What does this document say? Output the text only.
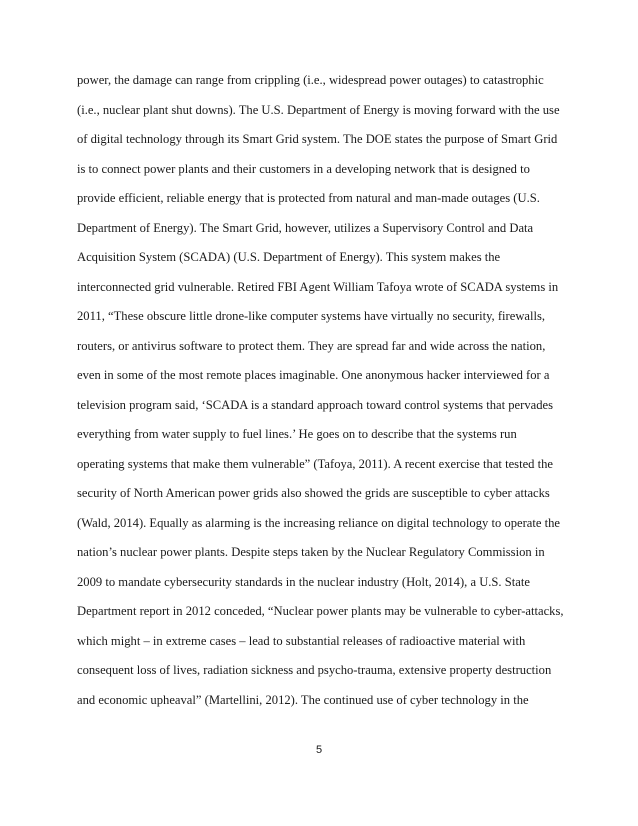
power, the damage can range from crippling (i.e., widespread power outages) to catastrophic
(i.e., nuclear plant shut downs). The U.S. Department of Energy is moving forward with the use
of digital technology through its Smart Grid system. The DOE states the purpose of Smart Grid
is to connect power plants and their customers in a developing network that is designed to
provide efficient, reliable energy that is protected from natural and man-made outages (U.S.
Department of Energy). The Smart Grid, however, utilizes a Supervisory Control and Data
Acquisition System (SCADA) (U.S. Department of Energy). This system makes the
interconnected grid vulnerable. Retired FBI Agent William Tafoya wrote of SCADA systems in
2011, “These obscure little drone-like computer systems have virtually no security, firewalls,
routers, or antivirus software to protect them. They are spread far and wide across the nation,
even in some of the most remote places imaginable. One anonymous hacker interviewed for a
television program said, ‘SCADA is a standard approach toward control systems that pervades
everything from water supply to fuel lines.’ He goes on to describe that the systems run
operating systems that make them vulnerable” (Tafoya, 2011). A recent exercise that tested the
security of North American power grids also showed the grids are susceptible to cyber attacks
(Wald, 2014). Equally as alarming is the increasing reliance on digital technology to operate the
nation’s nuclear power plants. Despite steps taken by the Nuclear Regulatory Commission in
2009 to mandate cybersecurity standards in the nuclear industry (Holt, 2014), a U.S. State
Department report in 2012 conceded, “Nuclear power plants may be vulnerable to cyber-attacks,
which might – in extreme cases – lead to substantial releases of radioactive material with
consequent loss of lives, radiation sickness and psycho-trauma, extensive property destruction
and economic upheaval” (Martellini, 2012). The continued use of cyber technology in the
5
